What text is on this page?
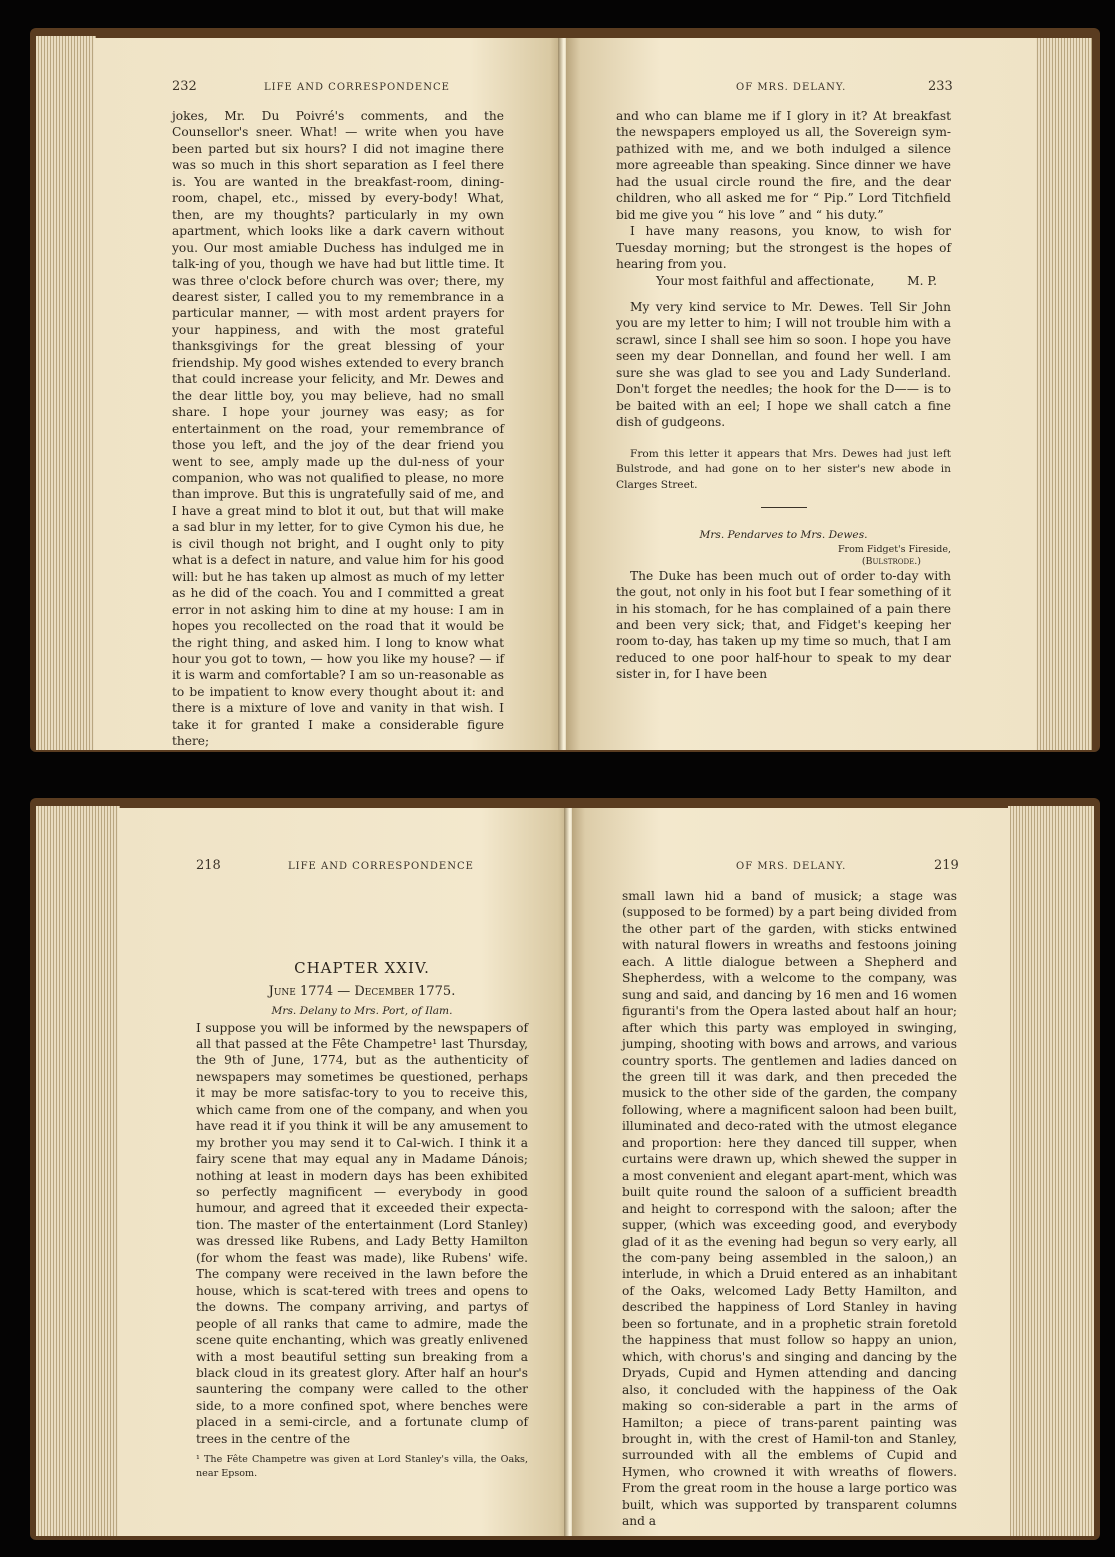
232	LIFE AND CORRESPONDENCE

jokes, Mr. Du Poivré's comments, and the Counsellor's sneer. What! — write when you have been parted but six hours? I did not imagine there was so much in this short separation as I feel there is. You are wanted in the breakfast-room, dining-room, chapel, etc., missed by every-body! What, then, are my thoughts? particularly in my own apartment, which looks like a dark cavern without you. Our most amiable Duchess has indulged me in talk-ing of you, though we have had but little time. It was three o'clock before church was over; there, my dearest sister, I called you to my remembrance in a particular manner, — with most ardent prayers for your happiness, and with the most grateful thanksgivings for the great blessing of your friendship. My good wishes extended to every branch that could increase your felicity, and Mr. Dewes and the dear little boy, you may believe, had no small share. I hope your journey was easy; as for entertainment on the road, your remembrance of those you left, and the joy of the dear friend you went to see, amply made up the dul-ness of your companion, who was not qualified to please, no more than improve. But this is ungratefully said of me, and I have a great mind to blot it out, but that will make a sad blur in my letter, for to give Cymon his due, he is civil though not bright, and I ought only to pity what is a defect in nature, and value him for his good will: but he has taken up almost as much of my letter as he did of the coach. You and I committed a great error in not asking him to dine at my house: I am in hopes you recollected on the road that it would be the right thing, and asked him. I long to know what hour you got to town, — how you like my house? — if it is warm and comfortable? I am so un-reasonable as to be impatient to know every thought about it: and there is a mixture of love and vanity in that wish. I take it for granted I make a considerable figure there;

OF MRS. DELANY.	233

and who can blame me if I glory in it? At breakfast the newspapers employed us all, the Sovereign sym-pathized with me, and we both indulged a silence more agreeable than speaking. Since dinner we have had the usual circle round the fire, and the dear children, who all asked me for “ Pip.” Lord Titchfield bid me give you “ his love ” and “ his duty.”

I have many reasons, you know, to wish for Tuesday morning; but the strongest is the hopes of hearing from you.

Your most faithful and affectionate,	M. P.

My very kind service to Mr. Dewes. Tell Sir John you are my letter to him; I will not trouble him with a scrawl, since I shall see him so soon. I hope you have seen my dear Donnellan, and found her well. I am sure she was glad to see you and Lady Sunderland. Don't forget the needles; the hook for the D—— is to be baited with an eel; I hope we shall catch a fine dish of gudgeons.

From this letter it appears that Mrs. Dewes had just left Bulstrode, and had gone on to her sister's new abode in Clarges Street.

Mrs. Pendarves to Mrs. Dewes.

From Fidget's Fireside,

(Bulstrode.)

The Duke has been much out of order to-day with the gout, not only in his foot but I fear something of it in his stomach, for he has complained of a pain there and been very sick; that, and Fidget's keeping her room to-day, has taken up my time so much, that I am reduced to one poor half-hour to speak to my dear sister in, for I have been

218	LIFE AND CORRESPONDENCE

CHAPTER XXIV.

June 1774 — December 1775.

Mrs. Delany to Mrs. Port, of Ilam.

I suppose you will be informed by the newspapers of all that passed at the Fête Champetre¹ last Thursday, the 9th of June, 1774, but as the authenticity of newspapers may sometimes be questioned, perhaps it may be more satisfac-tory to you to receive this, which came from one of the company, and when you have read it if you think it will be any amusement to my brother you may send it to Cal-wich. I think it a fairy scene that may equal any in Madame Dánois; nothing at least in modern days has been exhibited so perfectly magnificent — everybody in good humour, and agreed that it exceeded their expecta-tion. The master of the entertainment (Lord Stanley) was dressed like Rubens, and Lady Betty Hamilton (for whom the feast was made), like Rubens' wife. The company were received in the lawn before the house, which is scat-tered with trees and opens to the downs. The company arriving, and partys of people of all ranks that came to admire, made the scene quite enchanting, which was greatly enlivened with a most beautiful setting sun breaking from a black cloud in its greatest glory. After half an hour's sauntering the company were called to the other side, to a more confined spot, where benches were placed in a semi-circle, and a fortunate clump of trees in the centre of the

¹ The Fête Champetre was given at Lord Stanley's villa, the Oaks, near Epsom.

OF MRS. DELANY.	219

small lawn hid a band of musick; a stage was (supposed to be formed) by a part being divided from the other part of the garden, with sticks entwined with natural flowers in wreaths and festoons joining each. A little dialogue between a Shepherd and Shepherdess, with a welcome to the company, was sung and said, and dancing by 16 men and 16 women figuranti's from the Opera lasted about half an hour; after which this party was employed in swinging, jumping, shooting with bows and arrows, and various country sports. The gentlemen and ladies danced on the green till it was dark, and then preceded the musick to the other side of the garden, the company following, where a magnificent saloon had been built, illuminated and deco-rated with the utmost elegance and proportion: here they danced till supper, when curtains were drawn up, which shewed the supper in a most convenient and elegant apart-ment, which was built quite round the saloon of a sufficient breadth and height to correspond with the saloon; after the supper, (which was exceeding good, and everybody glad of it as the evening had begun so very early, all the com-pany being assembled in the saloon,) an interlude, in which a Druid entered as an inhabitant of the Oaks, welcomed Lady Betty Hamilton, and described the happiness of Lord Stanley in having been so fortunate, and in a prophetic strain foretold the happiness that must follow so happy an union, which, with chorus's and singing and dancing by the Dryads, Cupid and Hymen attending and dancing also, it concluded with the happiness of the Oak making so con-siderable a part in the arms of Hamilton; a piece of trans-parent painting was brought in, with the crest of Hamil-ton and Stanley, surrounded with all the emblems of Cupid and Hymen, who crowned it with wreaths of flowers. From the great room in the house a large portico was built, which was supported by transparent columns and a
